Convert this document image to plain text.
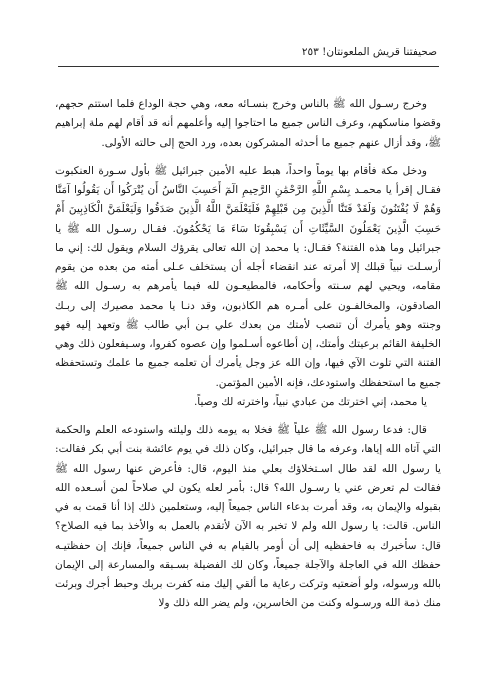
صحيفتنا قريش الملعونتان! ٢٥٣

وخرج رسـول الله ﷺ بالناس وخرج بنسـائه معه، وهي حجة الوداع فلما استتم حجهم، وقضوا مناسكهم، وعرف الناس جميع ما احتاجوا إليه وأعلمهم أنه قد أقام لهم ملة إبراهيم ﷺ، وقد أزال عنهم جميع ما أحدثه المشركون بعده، ورد الحج إلى حالته الأولى.

ودخل مكة فأقام بها يوماً واحداً، هبط عليه الأمين جبرائيل ﷺ بأول سـورة العنكبوت فقـال إقرأ يا محمـد بِسْمِ اللَّهِ الرَّحْمَٰنِ الرَّحِيمِ الٓمٓ أَحَسِبَ النَّاسُ أَن يُتْرَكُوا أَن يَقُولُوا آمَنَّا وَهُمْ لَا يُفْتَنُونَ وَلَقَدْ فَتَنَّا الَّذِينَ مِن قَبْلِهِمْ فَلَيَعْلَمَنَّ اللَّهُ الَّذِينَ صَدَقُوا وَلَيَعْلَمَنَّ الْكَاذِبِينَ أَمْ حَسِبَ الَّذِينَ يَعْمَلُونَ السَّيِّئَاتِ أَن يَسْبِقُونَا سَاءَ مَا يَحْكُمُونَ. فقـال رسـول الله ﷺ يا جبرائيل وما هذه الفتنة؟ فقـال: يا محمد إن الله تعالى يقرؤك السلام ويقول لك: إني ما أرسـلت نبياً قبلك إلا أمرته عند انقضاء أجله أن يستخلف عـلى أمته من بعده من يقوم مقامه، ويحيي لهم سـنته وأحكامه، فالمطيعـون لله فيما يأمرهم به رسـول الله ﷺ الصادقون، والمخالفـون على أمـره هم الكاذبون، وقد دنـا يا محمد مصيرك إلى ربـك وجنته وهو يأمرك أن تنصب لأمتك من بعدك علي بـن أبي طالب ﷺ وتعهد إليه فهو الخليفة القائم برعيتك وأمتك، إن أطاعوه أسـلموا وإن عصوه كفروا، وسـيفعلون ذلك وهي الفتنة التي تلوت الآي فيها، وإن الله عز وجل يأمرك أن تعلمه جميع ما علمك وتستحفظه جميع ما استحفظك واستودعك، فإنه الأمين المؤتمن.

يا محمد، إني اخترتك من عبادي نبياً، واخترته لك وصياً.

قال: فدعا رسول الله ﷺ علياً ﷺ فخلا به يومه ذلك وليلته واستودعه العلم والحكمة التي آتاه الله إياها، وعرفه ما قال جبرائيل، وكان ذلك في يوم عائشة بنت أبي بكر فقالت: يا رسول الله لقد طال اسـتخلاؤك بعلي منذ اليوم، قال: فأعرض عنها رسول الله ﷺ فقالت لم تعرض عني يا رسـول الله؟ قال: بأمر لعله يكون لي صلاحاً لمن أسـعده الله بقبوله والإيمان به، وقد أمرت بدعاء الناس جميعاً إليه، وستعلمين ذلك إذا أنا قمت به في الناس. قالت: يا رسول الله ولم لا تخبر به الآن لأتقدم بالعمل به والأخذ بما فيه الصلاح؟ قال: سأخبرك به فاحفظيه إلى أن أومر بالقيام به في الناس جميعاً، فإنك إن حفظتيـه حفظك الله في العاجلة والآجلة جميعاً، وكان لك الفضيلة بسـبقه والمسارعة إلى الإيمان بالله ورسوله، ولو أضعتيه وتركت رعاية ما ألقي إليك منه كفرت بربك وحبط أجرك وبرئت منك ذمة الله ورسـوله وكنت من الخاسرين، ولم يضر الله ذلك ولا
